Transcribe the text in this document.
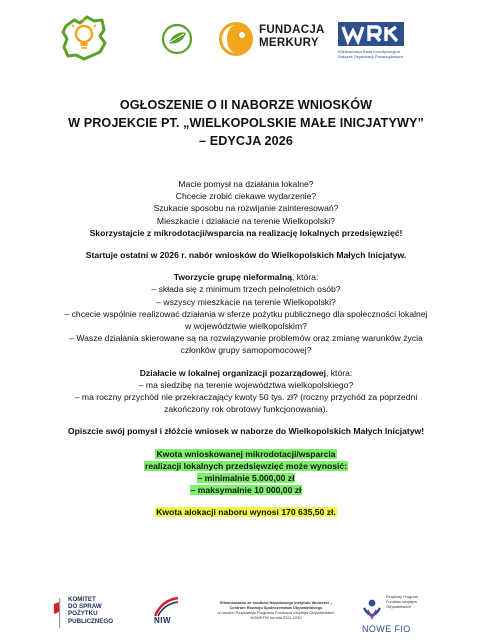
FUNDACJA
MERKURY
Wielkopolska Rada Koordynacyjna
Związek Organizacji Pozarządowych
OGŁOSZENIE O II NABORZE WNIOSKÓW
W PROJEKCIE PT. „WIELKOPOLSKIE MAŁE INICJATYWY”
– EDYCJA 2026

Macie pomysł na działania lokalne?

Chcecie zrobić ciekawe wydarzenie?

Szukacie sposobu na rozwijanie zainteresowań?

Mieszkacie i działacie na terenie Wielkopolski?

Skorzystajcie z mikrodotacji/wsparcia na realizację lokalnych przedsięwzięć!

Startuje ostatni w 2026 r. nabór wniosków do Wielkopolskich Małych Inicjatyw.

Tworzycie grupę nieformalną, która:

– składa się z minimum trzech pełnoletnich osób?

– wszyscy mieszkacie na terenie Wielkopolski?

– chcecie wspólnie realizować działania w sferze pożytku publicznego dla społeczności lokalnej

w województwie wielkopolskim?

– Wasze działania skierowane są na rozwiązywanie problemów oraz zmianę warunków życia

członków grupy samopomocowej?

Działacie w lokalnej organizacji pozarządowej, która:

– ma siedzibę na terenie województwa wielkopolskiego?

– ma roczny przychód nie przekraczający kwoty 50 tys. zł? (roczny przychód za poprzedni

zakończony rok obrotowy funkcjonowania).

Opiszcie swój pomysł i złóżcie wniosek w naborze do Wielkopolskich Małych Inicjatyw!

Kwota wnioskowanej mikrodotacji/wsparcia

realizacji lokalnych przedsięwzięć może wynosić:

– minimalnie 5.000,00 zł

– maksymalnie 10 000,00 zł

Kwota alokacji naboru wynosi 170 635,50 zł.

KOMITET
DO SPRAW
POŻYTKU
PUBLICZNEGO	NIW
Sfinansowano ze środków Narodowego Instytutu Wolności –
Centrum Rozwoju Społeczeństwa Obywatelskiego
w ramach Rządowego Programu Funduszu Inicjatyw Obywatelskich
NOWEFIO na lata 2021-2030
Rządowy Program
Fundusz Inicjatyw
Obywatelskich
NOWE FIO
